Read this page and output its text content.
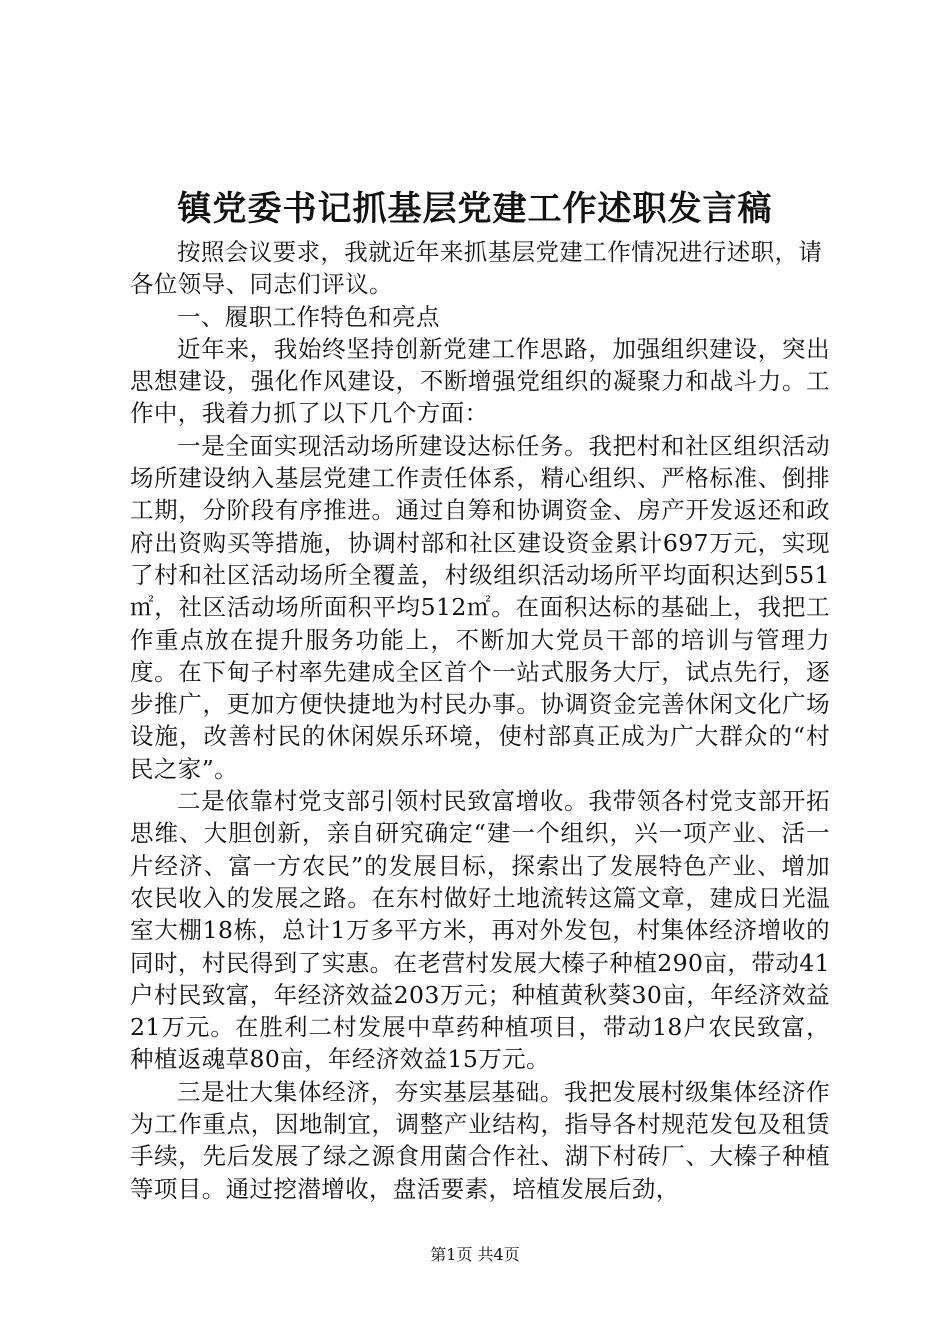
镇党委书记抓基层党建工作述职发言稿

按照会议要求，我就近年来抓基层党建工作情况进行述职，请各位领导、同志们评议。

一、履职工作特色和亮点

近年来，我始终坚持创新党建工作思路，加强组织建设，突出思想建设，强化作风建设，不断增强党组织的凝聚力和战斗力。工作中，我着力抓了以下几个方面：

一是全面实现活动场所建设达标任务。我把村和社区组织活动场所建设纳入基层党建工作责任体系，精心组织、严格标准、倒排工期，分阶段有序推进。通过自筹和协调资金、房产开发返还和政府出资购买等措施，协调村部和社区建设资金累计697万元，实现了村和社区活动场所全覆盖，村级组织活动场所平均面积达到551㎡，社区活动场所面积平均512㎡。在面积达标的基础上，我把工作重点放在提升服务功能上，不断加大党员干部的培训与管理力度。在下甸子村率先建成全区首个一站式服务大厅，试点先行，逐步推广，更加方便快捷地为村民办事。协调资金完善休闲文化广场设施，改善村民的休闲娱乐环境，使村部真正成为广大群众的“村民之家”。

二是依靠村党支部引领村民致富增收。我带领各村党支部开拓思维、大胆创新，亲自研究确定“建一个组织，兴一项产业、活一片经济、富一方农民”的发展目标，探索出了发展特色产业、增加农民收入的发展之路。在东村做好土地流转这篇文章，建成日光温室大棚18栋，总计1万多平方米，再对外发包，村集体经济增收的同时，村民得到了实惠。在老营村发展大榛子种植290亩，带动41户村民致富，年经济效益203万元；种植黄秋葵30亩，年经济效益21万元。在胜利二村发展中草药种植项目，带动18户农民致富，种植返魂草80亩，年经济效益15万元。

三是壮大集体经济，夯实基层基础。我把发展村级集体经济作为工作重点，因地制宜，调整产业结构，指导各村规范发包及租赁手续，先后发展了绿之源食用菌合作社、湖下村砖厂、大榛子种植等项目。通过挖潜增收，盘活要素，培植发展后劲，

第1页 共4页
